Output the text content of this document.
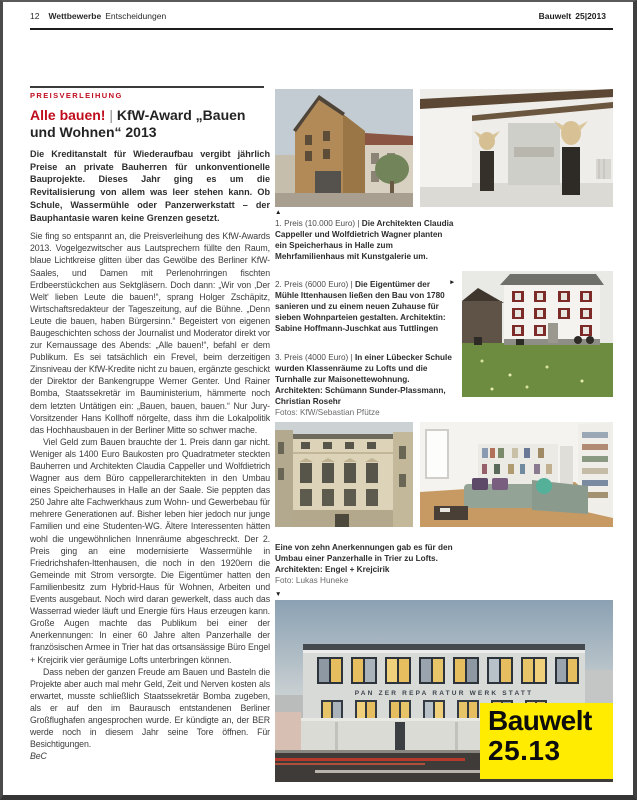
12 Wettbewerbe Entscheidungen	Bauwelt 25|2013
PREISVERLEIHUNG
Alle bauen! | KfW-Award „Bauen und Wohnen“ 2013

Die Kreditanstalt für Wiederaufbau vergibt jährlich Preise an private Bauherren für unkonventionelle Bauprojekte. Dieses Jahr ging es um die Revitalisierung von allem was leer stehen kann. Ob Schule, Wassermühle oder Panzerwerkstatt – der Bauphantasie waren keine Grenzen gesetzt.

Sie fing so entspannt an, die Preisverleihung des KfW-Awards 2013. Vogelgezwitscher aus Lautsprechern füllte den Raum, blaue Lichtkreise glitten über das Gewölbe des Berliner KfW-Saales, und Damen mit Perlenohrringen fischten Erdbeerstückchen aus Sektgläsern. Doch dann: „Wir von ‚Der Welt‘ lieben Leute die bauen!“, sprang Holger Zschäpitz, Wirtschaftsredakteur der Tageszeitung, auf die Bühne. „Denn Leute die bauen, haben Bürgersinn.“ Begeistert von eigenen Baugeschichten schoss der Journalist und Moderator direkt vor zur Kernaussage des Abends: „Alle bauen!“, befahl er dem Publikum. Es sei tatsächlich ein Frevel, beim derzeitigen Zinsniveau der KfW-Kredite nicht zu bauen, ergänzte geschickt der Direktor der Bankengruppe Werner Genter. Und Rainer Bomba, Staatssekretär im Bauministerium, hämmerte noch dem letzten Untätigen ein: „Bauen, bauen, bauen.“ Nur Jury-Vorsitzender Hans Kollhoff nörgelte, dass ihm die Lokalpolitik das Hochhausbauen in der Berliner Mitte so schwer mache.

Viel Geld zum Bauen brauchte der 1. Preis dann gar nicht. Weniger als 1400 Euro Baukosten pro Quadratmeter steckten Bauherren und Architekten Claudia Cappeller und Wolfdietrich Wagner aus dem Büro cappellerarchitekten in den Umbau eines Speicherhauses in Halle an der Saale. Sie peppten das 250 Jahre alte Fachwerkhaus zum Wohn- und Gewerbebau für mehrere Generationen auf. Bisher leben hier jedoch nur junge Familien und eine Studenten-WG. Ältere Interessenten hätten wohl die ungewöhnlichen Innenräume abgeschreckt. Der 2. Preis ging an eine modernisierte Wassermühle in Friedrichshafen-Ittenhausen, die noch in den 1920ern die Gemeinde mit Strom versorgte. Die Eigentümer hatten den Familienbesitz zum Hybrid-Haus für Wohnen, Arbeiten und Events ausgebaut. Noch wird daran gewerkelt, dass auch das Wasserrad wieder läuft und Energie fürs Haus erzeugen kann. Große Augen machte das Publikum bei einer der Anerkennungen: In einer 60 Jahre alten Panzerhalle der französischen Armee in Trier hat das ortsansässige Büro Engel + Krejcirik vier geräumige Lofts unterbringen können.

Dass neben der ganzen Freude am Bauen und Basteln die Projekte aber auch mal mehr Geld, Zeit und Nerven kosten als erwartet, musste schließlich Staatssekretär Bomba zugeben, als er auf den im Baurausch entstandenen Berliner Großflughafen angesprochen wurde. Er kündigte an, der BER werde noch in diesem Jahr seine Tore öffnen. Für Besichtigungen.

BeC
▲
1. Preis (10.000 Euro) | Die Architekten Claudia Cappeller und Wolfdietrich Wagner planten ein Speicherhaus in Halle zum Mehrfamilienhaus mit Kunstgalerie um.
2. Preis (6000 Euro) | Die Eigentümer der Mühle Ittenhausen ließen den Bau von 1780 sanieren und zu einem neuen Zuhause für sieben Wohnparteien gestalten. Architektin: Sabine Hoffmann-Juschkat aus Tuttlingen
►
3. Preis (4000 Euro) | In einer Lübecker Schule wurden Klassenräume zu Lofts und die Turnhalle zur Maisonettewohnung. Architekten: Schümann Sunder-Plassmann, Christian Rosehr
Fotos: KfW/Sebastian Pfütze
Eine von zehn Anerkennungen gab es für den Umbau einer Panzerhalle in Trier zu Lofts. Architekten: Engel + Krejcirik
Foto: Lukas Huneke
▼
PAN ZER REPA RATUR WERK STATT
Bauwelt
25.13
